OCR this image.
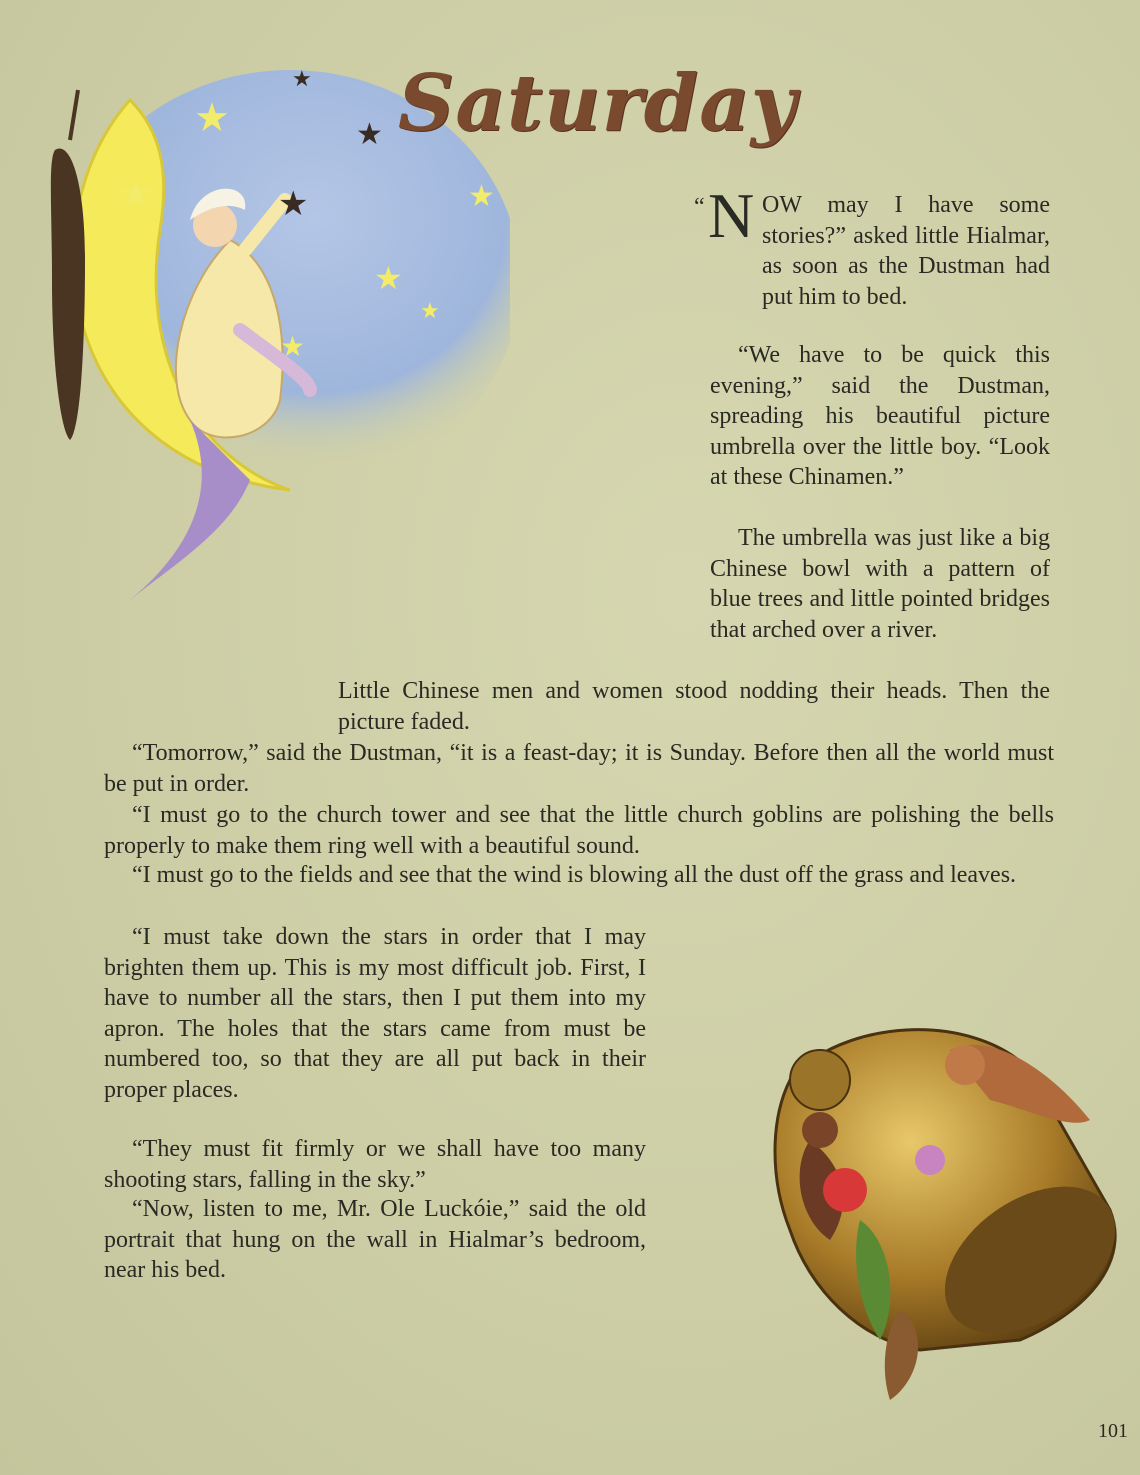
★
★
★
★	★	★
★
★
★
Saturday
“ N OW may I have some stories?” asked little Hialmar, as soon as the Dustman had put him to bed.

“We have to be quick this evening,” said the Dustman, spreading his beautiful picture umbrella over the little boy. “Look at these Chinamen.”

The umbrella was just like a big Chinese bowl with a pattern of blue trees and little pointed bridges that arched over a river.

Little Chinese men and women stood nodding their heads. Then the picture faded.

“Tomorrow,” said the Dustman, “it is a feast-day; it is Sunday. Before then all the world must be put in order.

“I must go to the church tower and see that the little church goblins are polishing the bells properly to make them ring well with a beautiful sound.

“I must go to the fields and see that the wind is blowing all the dust off the grass and leaves.

“I must take down the stars in order that I may brighten them up. This is my most difficult job. First, I have to number all the stars, then I put them into my apron. The holes that the stars came from must be numbered too, so that they are all put back in their proper places.

“They must fit firmly or we shall have too many shooting stars, falling in the sky.”

“Now, listen to me, Mr. Ole Luckóie,” said the old portrait that hung on the wall in Hialmar’s bedroom, near his bed.

101
